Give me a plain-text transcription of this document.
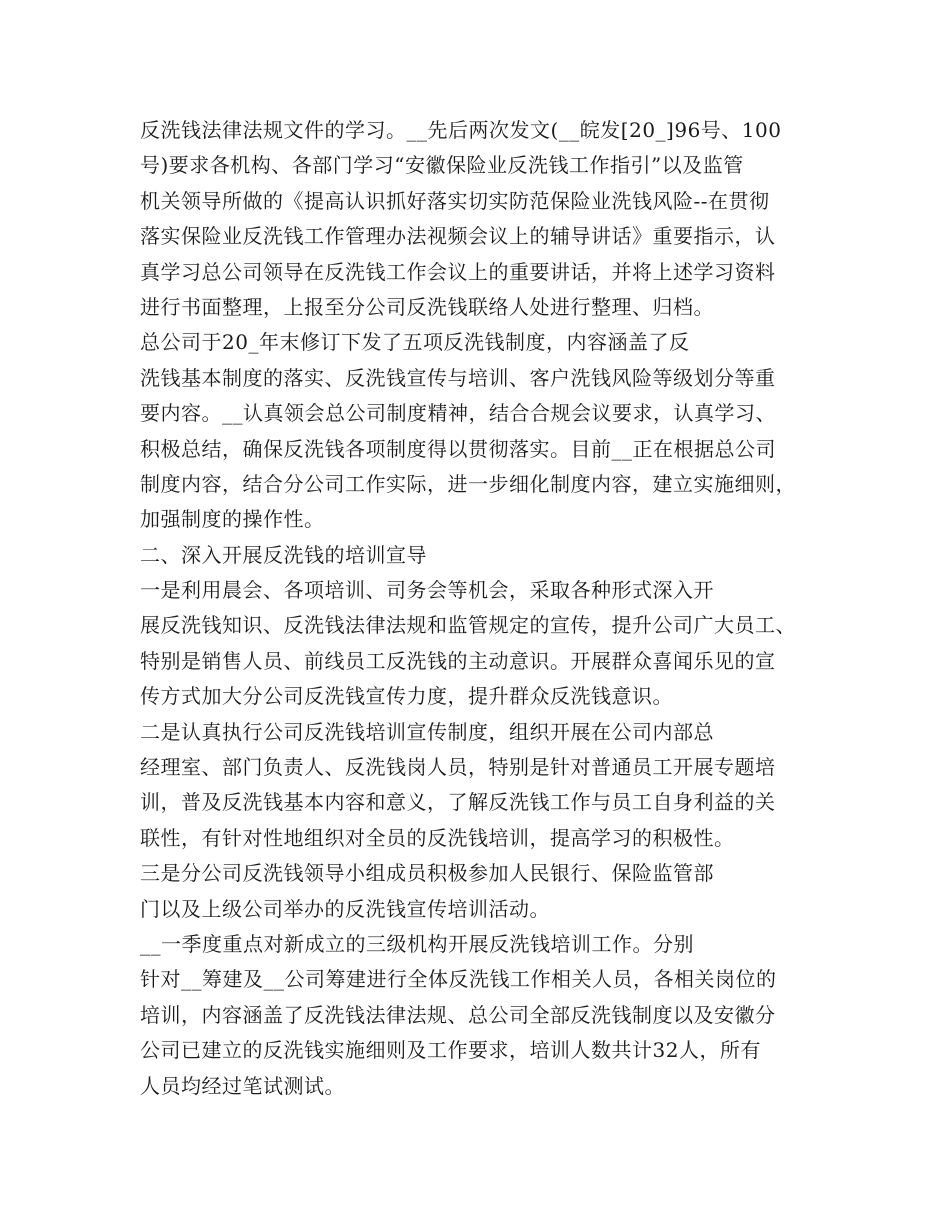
反洗钱法律法规文件的学习。__先后两次发文(__皖发[20_]96号、100
号)要求各机构、各部门学习“安徽保险业反洗钱工作指引”以及监管
机关领导所做的《提高认识抓好落实切实防范保险业洗钱风险--在贯彻
落实保险业反洗钱工作管理办法视频会议上的辅导讲话》重要指示，认
真学习总公司领导在反洗钱工作会议上的重要讲话，并将上述学习资料
进行书面整理，上报至分公司反洗钱联络人处进行整理、归档。
总公司于20_年末修订下发了五项反洗钱制度，内容涵盖了反
洗钱基本制度的落实、反洗钱宣传与培训、客户洗钱风险等级划分等重
要内容。__认真领会总公司制度精神，结合合规会议要求，认真学习、
积极总结，确保反洗钱各项制度得以贯彻落实。目前__正在根据总公司
制度内容，结合分公司工作实际，进一步细化制度内容，建立实施细则，
加强制度的操作性。
二、深入开展反洗钱的培训宣导
一是利用晨会、各项培训、司务会等机会，采取各种形式深入开
展反洗钱知识、反洗钱法律法规和监管规定的宣传，提升公司广大员工、
特别是销售人员、前线员工反洗钱的主动意识。开展群众喜闻乐见的宣
传方式加大分公司反洗钱宣传力度，提升群众反洗钱意识。
二是认真执行公司反洗钱培训宣传制度，组织开展在公司内部总
经理室、部门负责人、反洗钱岗人员，特别是针对普通员工开展专题培
训，普及反洗钱基本内容和意义，了解反洗钱工作与员工自身利益的关
联性，有针对性地组织对全员的反洗钱培训，提高学习的积极性。
三是分公司反洗钱领导小组成员积极参加人民银行、保险监管部
门以及上级公司举办的反洗钱宣传培训活动。
__一季度重点对新成立的三级机构开展反洗钱培训工作。分别
针对__筹建及__公司筹建进行全体反洗钱工作相关人员，各相关岗位的
培训，内容涵盖了反洗钱法律法规、总公司全部反洗钱制度以及安徽分
公司已建立的反洗钱实施细则及工作要求，培训人数共计32人，所有
人员均经过笔试测试。
